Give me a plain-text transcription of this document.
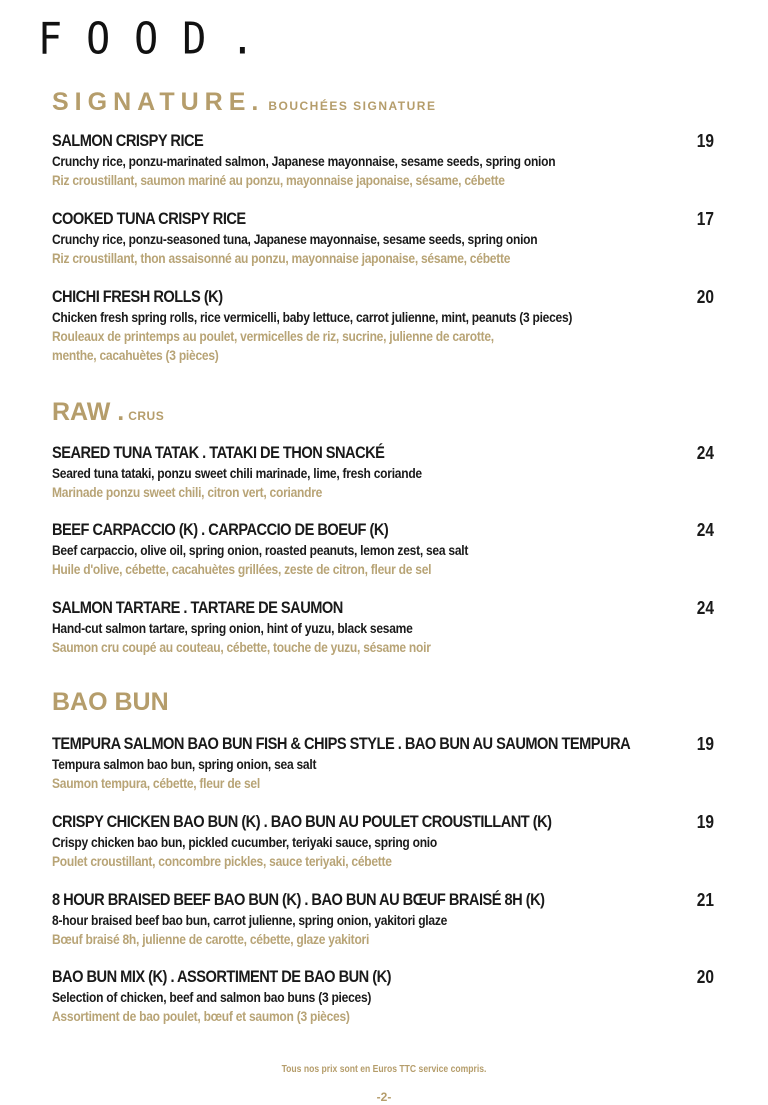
FOOD.
SIGNATURE. BOUCHÉES SIGNATURE
SALMON CRISPY RICE	19
Crunchy rice, ponzu-marinated salmon, Japanese mayonnaise, sesame seeds, spring onion
Riz croustillant, saumon mariné au ponzu, mayonnaise japonaise, sésame, cébette
COOKED TUNA CRISPY RICE	17
Crunchy rice, ponzu-seasoned tuna, Japanese mayonnaise, sesame seeds, spring onion
Riz croustillant, thon assaisonné au ponzu, mayonnaise japonaise, sésame, cébette
CHICHI FRESH ROLLS (K)	20
Chicken fresh spring rolls, rice vermicelli, baby lettuce, carrot julienne, mint, peanuts (3 pieces)
Rouleaux de printemps au poulet, vermicelles de riz, sucrine, julienne de carotte,
menthe, cacahuètes (3 pièces)
RAW . CRUS
SEARED TUNA TATAK . TATAKI DE THON SNACKÉ	24
Seared tuna tataki, ponzu sweet chili marinade, lime, fresh coriande
Marinade ponzu sweet chili, citron vert, coriandre
BEEF CARPACCIO (K) . CARPACCIO DE BOEUF (K)	24
Beef carpaccio, olive oil, spring onion, roasted peanuts, lemon zest, sea salt
Huile d'olive, cébette, cacahuètes grillées, zeste de citron, fleur de sel
SALMON TARTARE . TARTARE DE SAUMON	24
Hand-cut salmon tartare, spring onion, hint of yuzu, black sesame
Saumon cru coupé au couteau, cébette, touche de yuzu, sésame noir
BAO BUN
TEMPURA SALMON BAO BUN FISH & CHIPS STYLE . BAO BUN AU SAUMON TEMPURA	19
Tempura salmon bao bun, spring onion, sea salt
Saumon tempura, cébette, fleur de sel
CRISPY CHICKEN BAO BUN (K) . BAO BUN AU POULET CROUSTILLANT (K)	19
Crispy chicken bao bun, pickled cucumber, teriyaki sauce, spring onio
Poulet croustillant, concombre pickles, sauce teriyaki, cébette
8 HOUR BRAISED BEEF BAO BUN (K) . BAO BUN AU BŒUF BRAISÉ 8H (K)	21
8-hour braised beef bao bun, carrot julienne, spring onion, yakitori glaze
Bœuf braisé 8h, julienne de carotte, cébette, glaze yakitori
BAO BUN MIX (K) . ASSORTIMENT DE BAO BUN (K)	20
Selection of chicken, beef and salmon bao buns (3 pieces)
Assortiment de bao poulet, bœuf et saumon (3 pièces)
Tous nos prix sont en Euros TTC service compris.
-2-
